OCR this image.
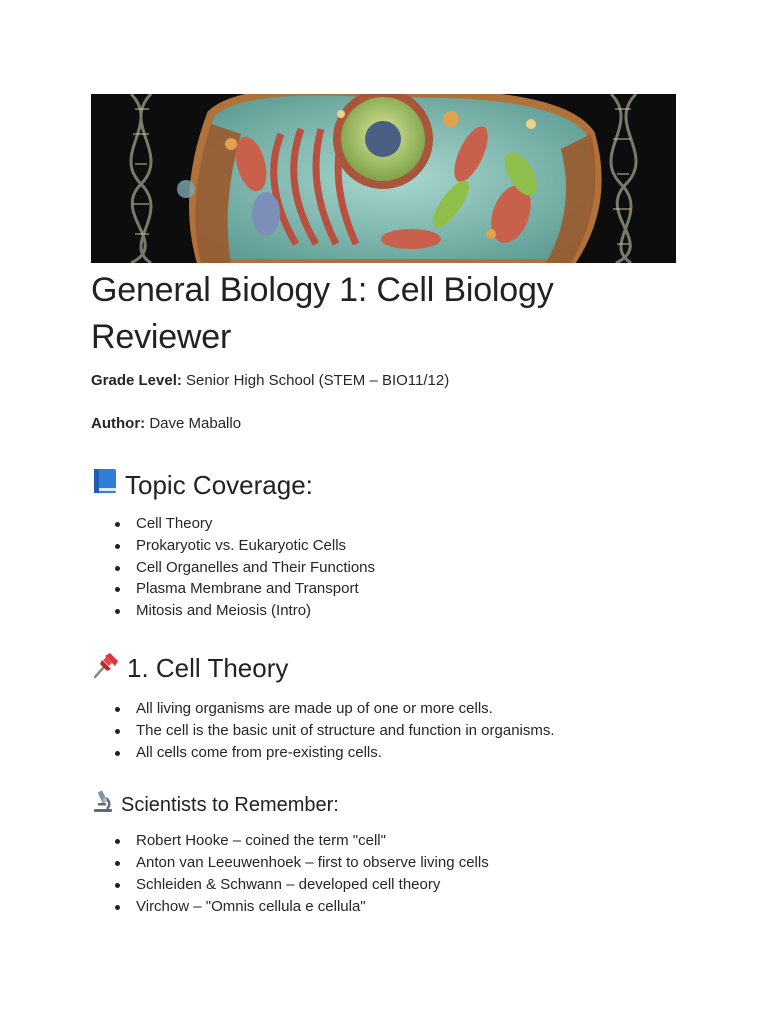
General Biology 1: Cell Biology Reviewer

Grade Level: Senior High School (STEM – BIO11/12)

Author: Dave Maballo

Topic Coverage:
Cell Theory
Prokaryotic vs. Eukaryotic Cells
Cell Organelles and Their Functions
Plasma Membrane and Transport
Mitosis and Meiosis (Intro)
1. Cell Theory
All living organisms are made up of one or more cells.
The cell is the basic unit of structure and function in organisms.
All cells come from pre-existing cells.
Scientists to Remember:
Robert Hooke – coined the term "cell"
Anton van Leeuwenhoek – first to observe living cells
Schleiden & Schwann – developed cell theory
Virchow – "Omnis cellula e cellula"
